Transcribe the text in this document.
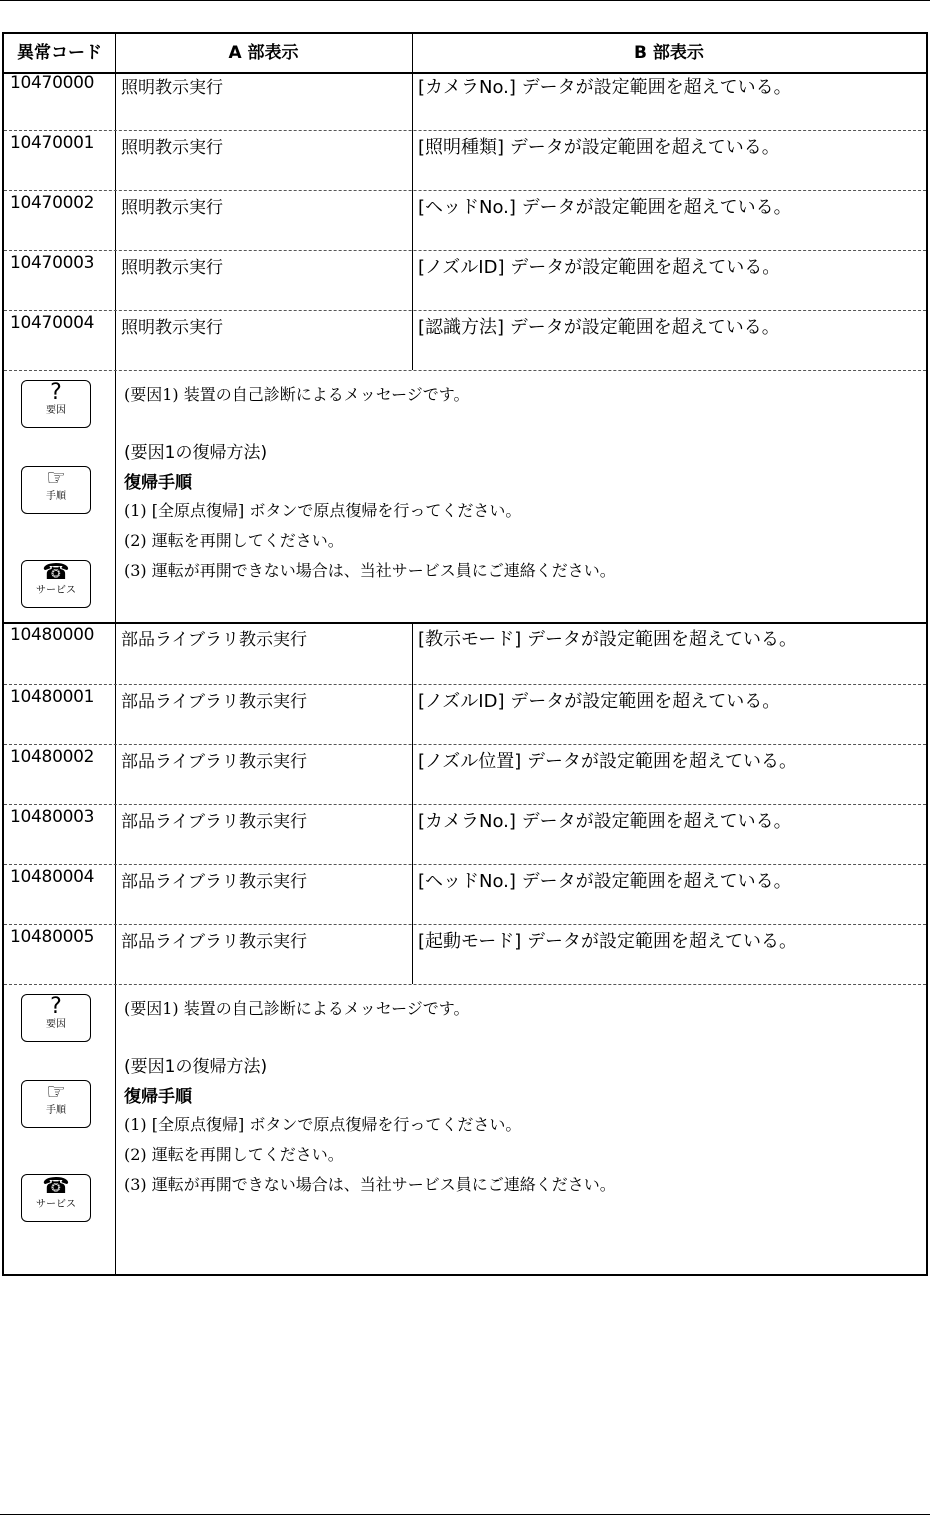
異常コード	A 部表示	B 部表示
10470000 照明教示実行	[カメラNo.] データが設定範囲を超えている。
10470001 照明教示実行	[照明種類] データが設定範囲を超えている。
10470002 照明教示実行	[ヘッドNo.] データが設定範囲を超えている。
10470003 照明教示実行	[ノズルID] データが設定範囲を超えている。
10470004 照明教示実行	[認識方法] データが設定範囲を超えている。
?
要因
☞
手順
☎
サービス
(要因1) 装置の自己診断によるメッセージです。
(要因1の復帰方法)
復帰手順
(1) [全原点復帰] ボタンで原点復帰を行ってください。
(2) 運転を再開してください。
(3) 運転が再開できない場合は、当社サービス員にご連絡ください。
10480000 部品ライブラリ教示実行	[教示モード] データが設定範囲を超えている。
10480001 部品ライブラリ教示実行	[ノズルID] データが設定範囲を超えている。
10480002 部品ライブラリ教示実行	[ノズル位置] データが設定範囲を超えている。
10480003 部品ライブラリ教示実行	[カメラNo.] データが設定範囲を超えている。
10480004 部品ライブラリ教示実行	[ヘッドNo.] データが設定範囲を超えている。
10480005 部品ライブラリ教示実行	[起動モード] データが設定範囲を超えている。
?
要因
☞
手順
☎
サービス
(要因1) 装置の自己診断によるメッセージです。
(要因1の復帰方法)
復帰手順
(1) [全原点復帰] ボタンで原点復帰を行ってください。
(2) 運転を再開してください。
(3) 運転が再開できない場合は、当社サービス員にご連絡ください。
